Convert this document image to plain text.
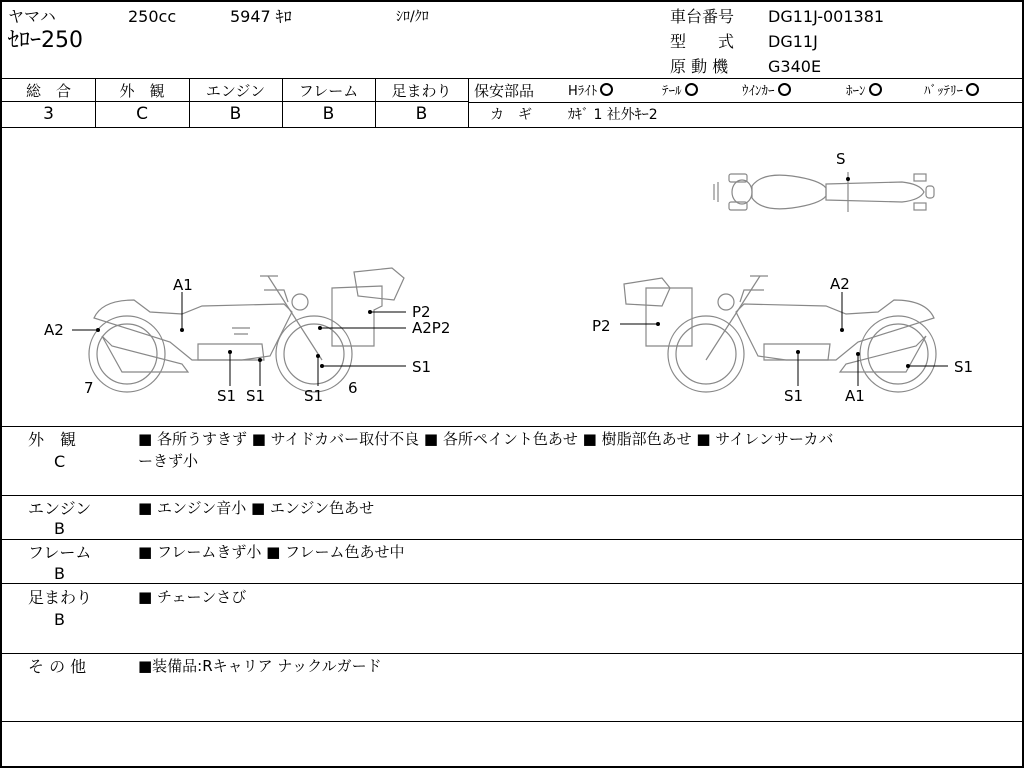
ヤマハ	250cc	5947 ｷﾛ	ｼﾛ/ｸﾛ
ｾﾛｰ250
車台番号 DG11J-001381
型　　式 DG11J
原 動 機 G340E
総　合	外　観	エンジン	フレーム	足まわり
3	C	B	B	B
保安部品	Hﾗｲﾄ	ﾃｰﾙ	ｳｲﾝｶｰ	ﾎｰﾝ	ﾊﾞｯﾃﾘｰ
カ　ギ	ｶｷﾞ 1 社外ｷｰ2
A1
A2
P2
A2P2
S1
7	S1 S1	S1 6
S
A2
P2
S1
S1	A1
外　観
C
■ 各所うすきず ■ サイドカバー取付不良 ■ 各所ペイント色あせ ■ 樹脂部色あせ ■ サイレンサーカバ
ーきず小
エンジン
B
■ エンジン音小 ■ エンジン色あせ
フレーム
B
■ フレームきず小 ■ フレーム色あせ中
足まわり
B
■ チェーンさび
そ の 他	■装備品:Rキャリア ナックルガード
